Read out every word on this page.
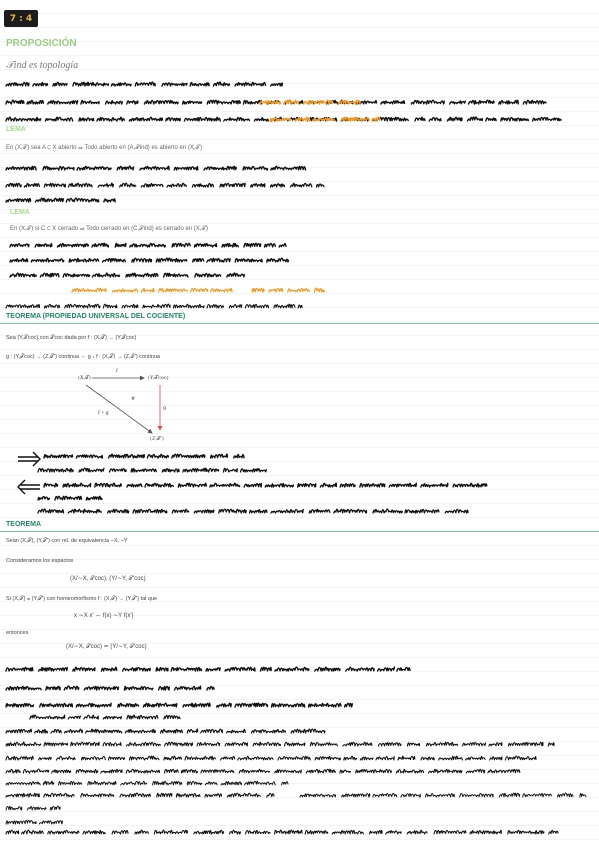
7 : 4
PROPOSICIÓN
𝒯ind es topología
LEMA
En (X,𝒯) sea A ⊂ X abierto ⇒ Todo abierto en (A,𝒯ind) es abierto en (X,𝒯)
LEMA
En (X,𝒯) si C ⊂ X cerrado ⇒ Todo cerrado en (C,𝒯ind) es cerrado en (X,𝒯)
TEOREMA (PROPIEDAD UNIVERSAL DEL COCIENTE)
Sea (Y,𝒯coc) con 𝒯coc dada por f : (X,𝒯) → (Y,𝒯coc)
g : (Y,𝒯coc) → (Z,𝒯′) continua ⇔ g ∘ f : (X,𝒯) → (Z,𝒯′) continua
(X,𝒯)
f
(Y,𝒯coc)
f ∘ g
#
g
(Z,𝒯′)
TEOREMA
Sean (X,𝒯), (Y,𝒯′) con rel. de equivalencia ∼X, ∼Y
Consideramos los espacios
(X/∼X, 𝒯coc), (Y/∼Y, 𝒯′coc)
Si (X,𝒯) ≃ (Y,𝒯′) con homeomorfismo f : (X,𝒯) → (Y,𝒯′) tal que
x ∼X x′ ⇔ f(x) ∼Y f(x′)
entonces
(X/∼X, 𝒯coc) ≃ (Y/∼Y, 𝒯′coc)
